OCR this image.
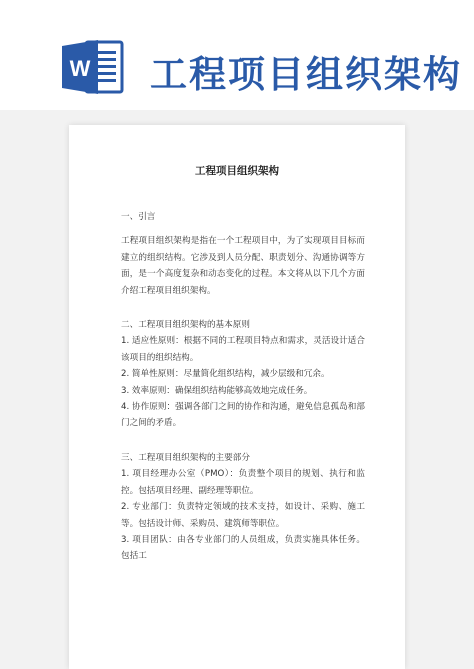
W 工程项目组织架构
工程项目组织架构

一、引言

工程项目组织架构是指在一个工程项目中，为了实现项目目标而建立的组织结构。它涉及到人员分配、职责划分、沟通协调等方面，是一个高度复杂和动态变化的过程。本文将从以下几个方面介绍工程项目组织架构。

二、工程项目组织架构的基本原则

1. 适应性原则：根据不同的工程项目特点和需求，灵活设计适合该项目的组织结构。

2. 简单性原则：尽量简化组织结构，减少层级和冗余。

3. 效率原则：确保组织结构能够高效地完成任务。

4. 协作原则：强调各部门之间的协作和沟通，避免信息孤岛和部门之间的矛盾。

三、工程项目组织架构的主要部分

1. 项目经理办公室（PMO）：负责整个项目的规划、执行和监控。包括项目经理、副经理等职位。

2. 专业部门：负责特定领域的技术支持，如设计、采购、施工等。包括设计师、采购员、建筑师等职位。

3. 项目团队：由各专业部门的人员组成，负责实施具体任务。 包括工
